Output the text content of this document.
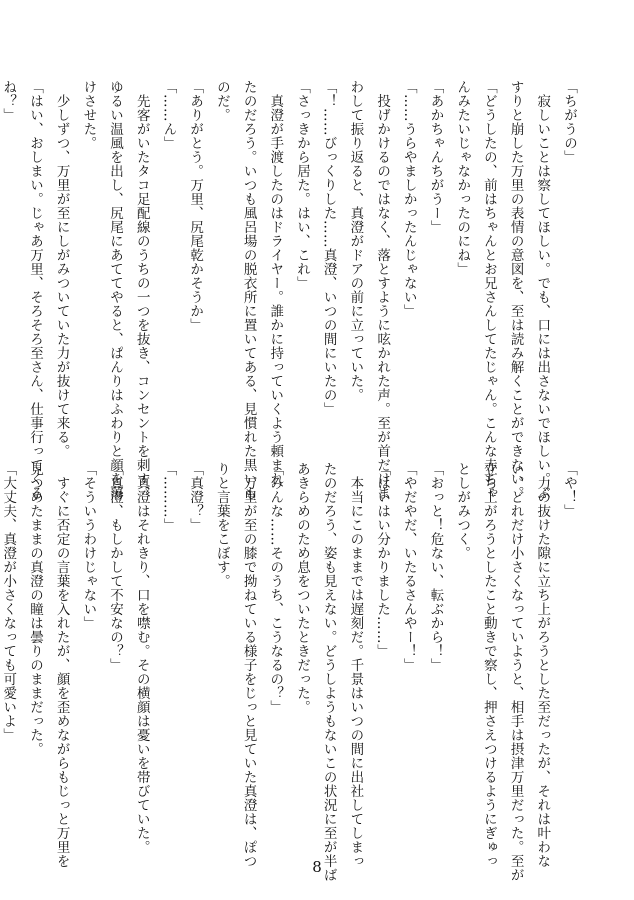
「ちがうの」
　寂しいことは察してほしい。でも、口には出さないでほしい。ぶ
すりと崩した万里の表情の意図を、至は読み解くことができない。
「どうしたの、前はちゃんとお兄さんしてたじゃん。こんな赤ちゃ
んみたいじゃなかったのにね」
「あかちゃんちがうー」
「……うらやましかったんじゃない」
　投げかけるのではなく、落とすように呟かれた声。至が首だけま
わして振り返ると、真澄がドアの前に立っていた。
「！……びっくりした……真澄、いつの間にいたの」
「さっきから居た。はい、これ」
　真澄が手渡したのはドライヤー。誰かに持っていくよう頼まれ
たのだろう。いつも風呂場の脱衣所に置いてある、見慣れた黒いも
のだ。
「ありがとう。万里、尻尾乾かそうか」
「……ん」
　先客がいたタコ足配線のうちの一つを抜き、コンセントを刺す。
ゆるい温風を出し、尻尾にあててやると、ぱんりはふわりと顔を蕩
けさせた。
　少しずつ、万里が至にしがみついていた力が抜けて来る。
「はい、おしまい。じゃあ万里、そろそろ至さん、仕事行ってくる
ね？」
「や！」
　力の抜けた隙に立ち上がろうとした至だったが、それは叶わな
い。どれだけ小さくなっていようと、相手は摂津万里だった。至が
立ち上がろうとしたこと動きで察し、押さえつけるようにぎゅっ
としがみつく。
「おっと！危ない、転ぶから！」
「やだやだ、いたるさんやー！」
「はいはい分かりました……」
　本当にこのままでは遅刻だ。千景はいつの間に出社してしまっ
たのだろう、姿も見えない。どうしようもないこの状況に至が半ば
あきらめのため息をついたときだった。
「みんな……そのうち、こうなるの？」
　万里が至の膝で拗ねている様子をじっと見ていた真澄は、ぽつ
りと言葉をこぼす。
「真澄？」
「………」
　真澄はそれきり、口を噤む。その横顔は憂いを帯びていた。
「真澄、もしかして不安なの？」
「そういうわけじゃない」
　すぐに否定の言葉を入れたが、顔を歪めながらもじっと万里を
見つめたままの真澄の瞳は曇りのままだった。
「大丈夫、真澄が小さくなっても可愛いよ」
8
